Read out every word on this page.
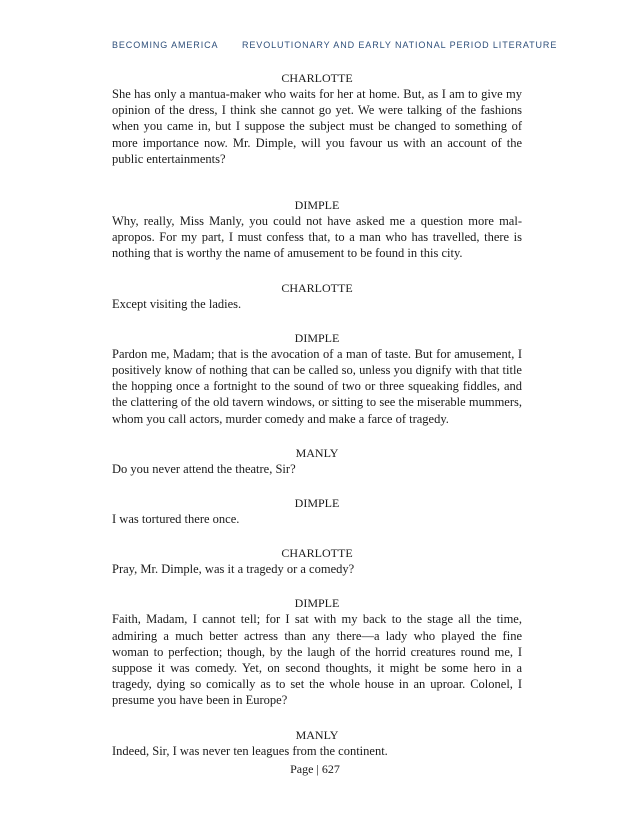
BECOMING AMERICA	REVOLUTIONARY AND EARLY NATIONAL PERIOD LITERATURE

CHARLOTTE

She has only a mantua-maker who waits for her at home. But, as I am to give my opinion of the dress, I think she cannot go yet. We were talking of the fashions when you came in, but I suppose the subject must be changed to something of more importance now. Mr. Dimple, will you favour us with an account of the public entertainments?

DIMPLE

Why, really, Miss Manly, you could not have asked me a question more mal-apropos. For my part, I must confess that, to a man who has travelled, there is nothing that is worthy the name of amusement to be found in this city.

CHARLOTTE

Except visiting the ladies.

DIMPLE

Pardon me, Madam; that is the avocation of a man of taste. But for amusement, I positively know of nothing that can be called so, unless you dignify with that title the hopping once a fortnight to the sound of two or three squeaking fiddles, and the clattering of the old tavern windows, or sitting to see the miserable mummers, whom you call actors, murder comedy and make a farce of tragedy.

MANLY

Do you never attend the theatre, Sir?

DIMPLE

I was tortured there once.

CHARLOTTE

Pray, Mr. Dimple, was it a tragedy or a comedy?

DIMPLE

Faith, Madam, I cannot tell; for I sat with my back to the stage all the time, admiring a much better actress than any there—a lady who played the fine woman to perfection; though, by the laugh of the horrid creatures round me, I suppose it was comedy. Yet, on second thoughts, it might be some hero in a tragedy, dying so comically as to set the whole house in an uproar. Colonel, I presume you have been in Europe?

MANLY

Indeed, Sir, I was never ten leagues from the continent.

Page | 627
